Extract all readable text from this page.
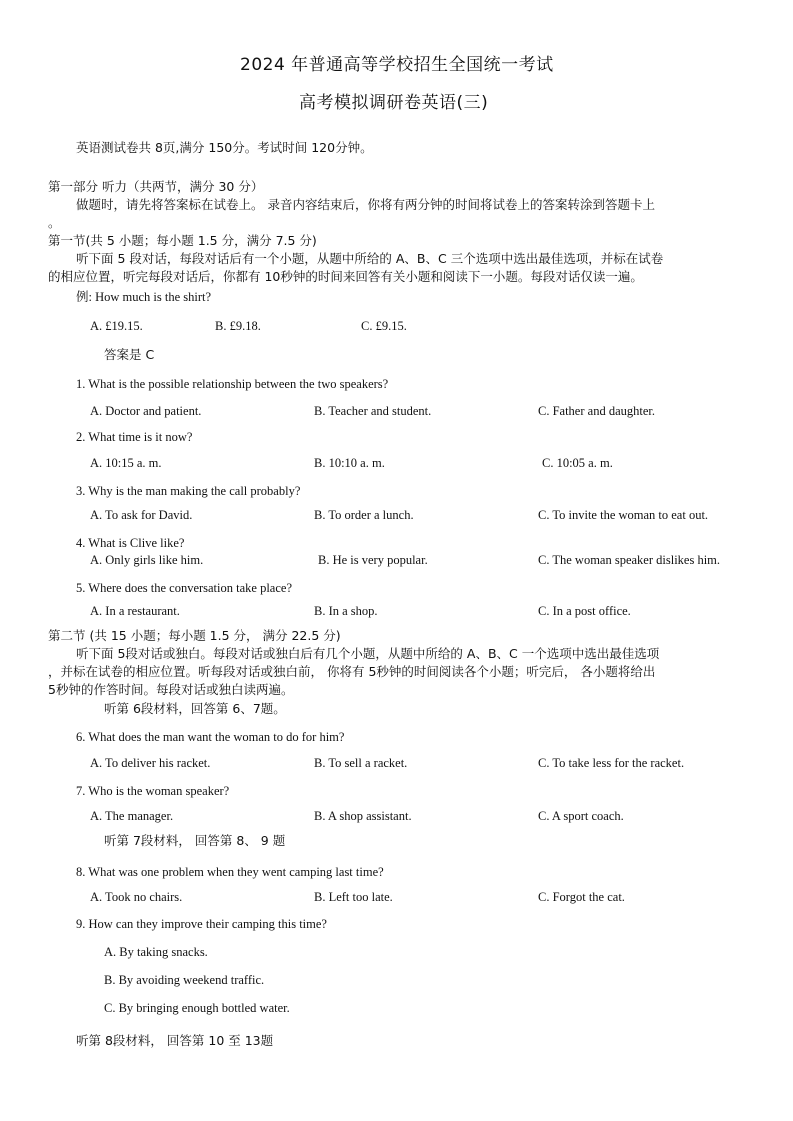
2024 年普通高等学校招生全国统一考试
高考模拟调研卷英语(三)
英语测试卷共 8页,满分 150分。考试时间 120分钟。
第一部分 听力（共两节，满分 30 分）
做题时，请先将答案标在试卷上。 录音内容结束后，你将有两分钟的时间将试卷上的答案转涂到答题卡上
。
第一节(共 5 小题；每小题 1.5 分，满分 7.5 分)
听下面 5 段对话，每段对话后有一个小题，从题中所给的 A、B、C 三个选项中选出最佳选项，并标在试卷
的相应位置，听完每段对话后，你都有 10秒钟的时间来回答有关小题和阅读下一小题。每段对话仅读一遍。
例: How much is the shirt?
A. £19.15.	B. £9.18.	C. £9.15.
答案是 C
1. What is the possible relationship between the two speakers?
A. Doctor and patient.	B. Teacher and student.	C. Father and daughter.
2. What time is it now?
A. 10:15 a. m.	B. 10:10 a. m.	C. 10:05 a. m.
3. Why is the man making the call probably?
A. To ask for David.	B. To order a lunch.	C. To invite the woman to eat out.
4. What is Clive like?
A. Only girls like him.	B. He is very popular.	C. The woman speaker dislikes him.
5. Where does the conversation take place?
A. In a restaurant.	B. In a shop.	C. In a post office.
第二节 (共 15 小题；每小题 1.5 分， 满分 22.5 分)
听下面 5段对话或独白。每段对话或独白后有几个小题，从题中所给的 A、B、C 一个选项中选出最佳选项
，并标在试卷的相应位置。听每段对话或独白前， 你将有 5秒钟的时间阅读各个小题；听完后， 各小题将给出
5秒钟的作答时间。每段对话或独白读两遍。
听第 6段材料，回答第 6、7题。
6. What does the man want the woman to do for him?
A. To deliver his racket.	B. To sell a racket.	C. To take less for the racket.
7. Who is the woman speaker?
A. The manager.	B. A shop assistant.	C. A sport coach.
听第 7段材料， 回答第 8、 9 题
8. What was one problem when they went camping last time?
A. Took no chairs.	B. Left too late.	C. Forgot the cat.
9. How can they improve their camping this time?
A. By taking snacks.
B. By avoiding weekend traffic.
C. By bringing enough bottled water.
听第 8段材料， 回答第 10 至 13题
